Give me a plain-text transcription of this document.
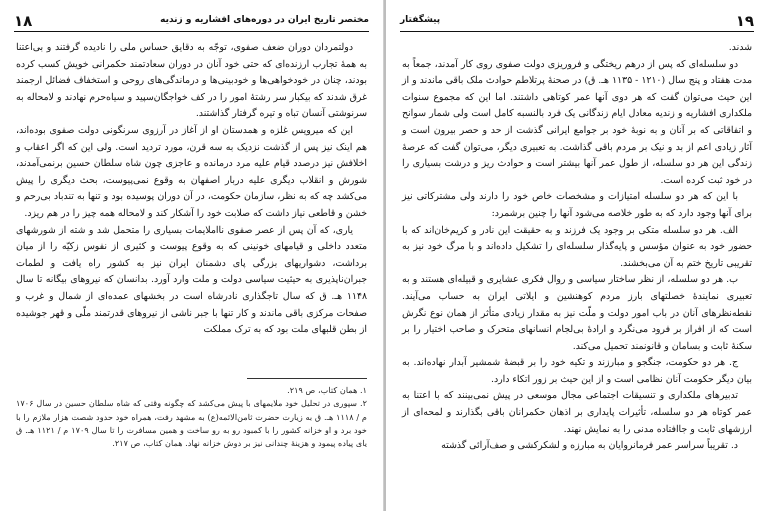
۱۸	مختصر تاریخ ایران در دوره‌های افشاریه و زندیه

دولتمردان دوران ضعف صفوی، توجّه به دقایق حساس ملی را نادیده گرفتند و بی‌اعتنا به همهٔ تجارب ارزنده‌ای که حتی خود آنان در دوران سعادتمند حکمرانی خویش کسب کرده بودند، چنان در خودخواهی‌ها و خودبینی‌ها و درماندگی‌های روحی و استخفاف فضائل ارجمند غرق شدند که بیکبار سر رشتهٔ امور را در کف خواجگان‌سپید و سیاه‌حرم نهادند و لامحاله به سرنوشتی آنسان تباه و تیره گرفتار گذاشتند.

این که میرویس غلزه و همدستان او از آغاز در آرزوی سرنگونی دولت صفوی بوده‌اند، هم اینک نیز پس از گذشت نزدیک به سه قرن، مورد تردید است. ولی این که اگر اعقاب و اخلافش نیز درصدد قیام علیه مرد درمانده و عاجزی چون شاه سلطان حسین برنمی‌آمدند، شورش و انقلاب دیگری علیه دربار اصفهان به وقوع نمی‌پیوست، بحث دیگری را پیش می‌کشد چه که به نظر، سازمان حکومت، در آن دوران پوسیده بود و تنها به تندباد بی‌رحم و خشن و قاطعی نیاز داشت که صلابت خود را آشکار کند و لامحاله همه چیز را در هم ریزد.

یاری، که آن پس از عصر صفوی نااملایمات بسیاری را متحمل شد و شته از شورشهای متعدد داخلی و قیامهای خونینی که به وقوع پیوست و کثیری از نفوس زکیّه را از میان برداشت، دشواریهای بزرگی پای دشمنان ایران نیز به کشور راه یافت و لطمات جبران‌ناپذیری به حیثیت سیاسی دولت و ملت وارد آورد. بدانسان که نیروهای بیگانه تا سال ۱۱۴۸ هـ. ق که سال تاجگذاری نادرشاه است در بخشهای عمده‌ای از شمال و غرب و صفحات مرکزی باقی ماندند و کار تنها با جبر ناشی از نیروهای قدرتمند ملّی و قهر جوشیده از بطن قلبهای ملت بود که به ترک مملکت

۱. همان کتاب، ص ۲۱۹.

۲. سپوری در تحلیل خود ملایمهای با پیش می‌کشد که چگونه وقتی که شاه سلطان حسین در سال ۱۷۰۶ م / ۱۱۱۸ هـ. ق به زیارت حضرت ثامن‌الائمه(ع) به مشهد رفت، همراه خود حدود شصت هزار ملازم را با خود برد و او خزانه کشور را با کمبود رو به رو ساخت و همین مسافرت را تا سال ۱۷۰۹ م / ۱۱۲۱ هـ. ق یای پیاده پیمود و هزینهٔ چندانی نیز بر دوش خزانه نهاد. همان کتاب، ص ۲۱۷.

۱۹
پیشگفتار

شدند.

دو سلسله‌ای که پس از درهم ریختگی و فروریزی دولت صفوی روی کار آمدند، جمعاً به مدت هفتاد و پنج سال (۱۲۱۰ - ۱۱۳۵ هـ. ق) در صحنهٔ پرتلاطم حوادث ملک باقی ماندند و از این حیث می‌توان گفت که هر دوی آنها عمر کوتاهی داشتند. اما این که مجموع سنوات ملکداری افشاریه و زندیه معادل ایام زندگانی یک فرد بالنسبه کامل است ولی شمار سوانح و اتفاقاتی که بر آنان و به نوبهٔ خود بر جوامع ایرانی گذشت از حد و حصر بیرون است و آثار زیادی اعم از بد و نیک بر مردم باقی گذاشت. به تعبیری دیگر، می‌توان گفت که عرصهٔ زندگی این هر دو سلسله، از طول عمر آنها بیشتر است و حوادث ریز و درشت بسیاری را در خود ثبت کرده است.

با این که هر دو سلسله امتیازات و مشخصات خاص خود را دارند ولی مشترکاتی نیز برای آنها وجود دارد که به طور خلاصه می‌شود آنها را چنین برشمرد:

الف. هر دو سلسله متکی بر وجود یک فرزند و به حقیقت این نادر و کریم‌خان‌اند که با حضور خود به عنوان مؤسس و پایه‌گذار سلسله‌ای را تشکیل داده‌اند و با مرگ خود نیز به تقریبی تاریخ ختم به آن می‌بخشند.

ب. هر دو سلسله، از نظر ساختار سیاسی و روال فکری عشایری و قبیله‌ای هستند و به تعبیری نمایندهٔ خصلتهای بارز مردم کوهنشین و ایلاتی ایران به حساب می‌آیند. نقطه‌نظرهای آنان در باب امور دولت و ملّت نیز به مقدار زیادی متأثر از همان نوع نگرش است که از افراز بر فرود می‌نگرد و ارادهٔ بی‌لجام انسانهای متحرک و صاحب اختیار را بر سکنهٔ ثابت و بسامان و قانونمند تحمیل می‌کند.

ج. هر دو حکومت، جنگجو و مبارزند و تکیه خود را بر قبضهٔ شمشیر آبدار نهاده‌اند. به بیان دیگر حکومت آنان نظامی است و از این حیث بر زور اتکاء دارد.

تدبیرهای ملکداری و تنسیقات اجتماعی مجال موسعی در پیش نمی‌بینند که با اعتنا به عمر کوتاه هر دو سلسله، تأثیرات پایداری بر اذهان حکمرانان باقی بگذارند و لمحه‌ای از ارزشهای ثابت و جاافتاده مدنی را به نمایش نهند.

د. تقریباً سراسر عمر فرمانروایان به مبارزه و لشکرکشی و صف‌آرائی گذشته
